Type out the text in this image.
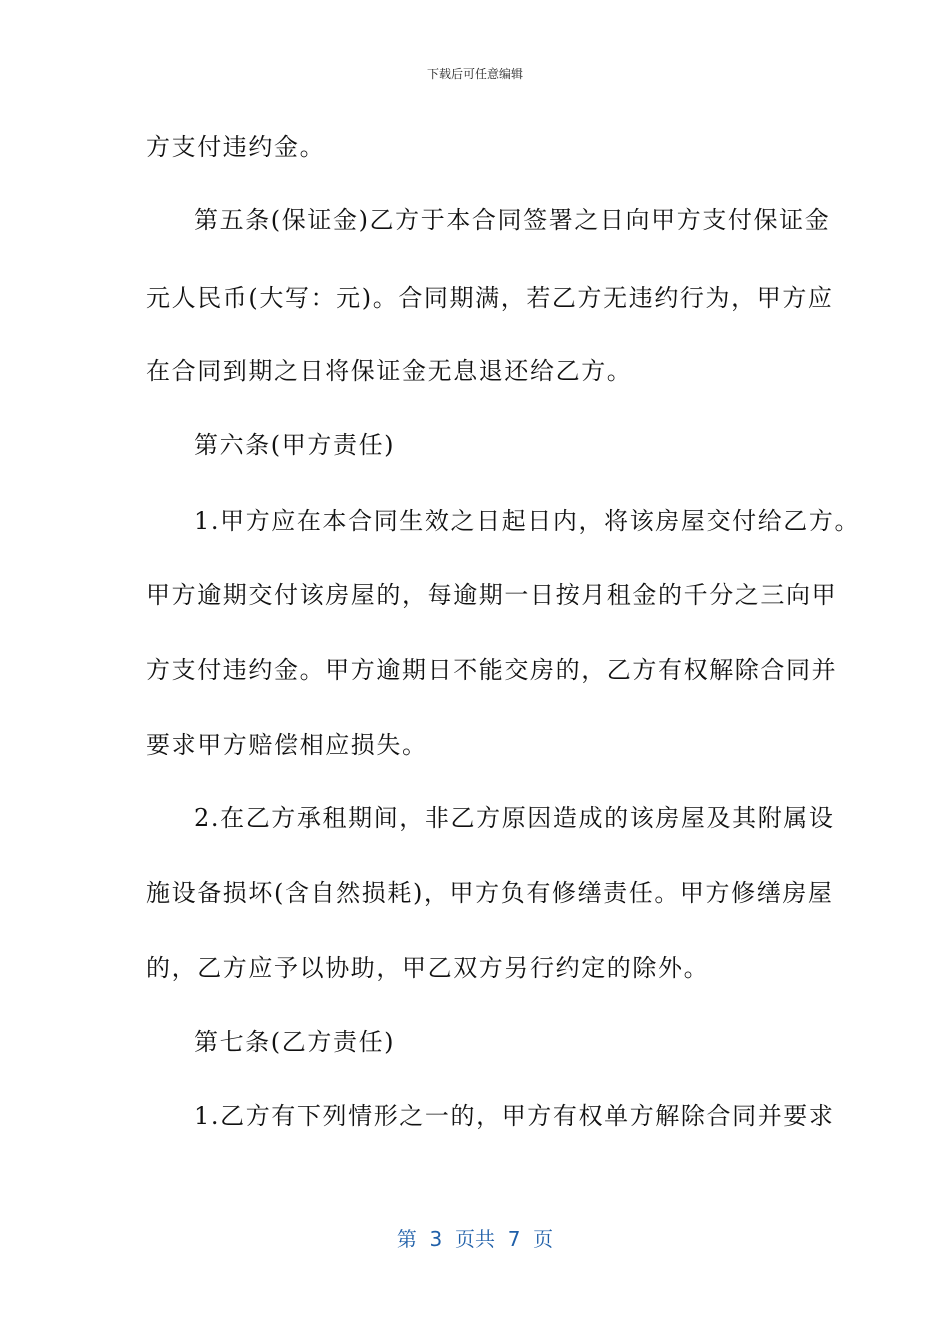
下载后可任意编辑
方支付违约金。
第五条(保证金)乙方于本合同签署之日向甲方支付保证金
元人民币(大写：元)。合同期满，若乙方无违约行为，甲方应
在合同到期之日将保证金无息退还给乙方。
第六条(甲方责任)
1.甲方应在本合同生效之日起日内，将该房屋交付给乙方。
甲方逾期交付该房屋的，每逾期一日按月租金的千分之三向甲
方支付违约金。甲方逾期日不能交房的，乙方有权解除合同并
要求甲方赔偿相应损失。
2.在乙方承租期间，非乙方原因造成的该房屋及其附属设
施设备损坏(含自然损耗)，甲方负有修缮责任。甲方修缮房屋
的，乙方应予以协助，甲乙双方另行约定的除外。
第七条(乙方责任)
1.乙方有下列情形之一的，甲方有权单方解除合同并要求
第  3  页共  7  页
